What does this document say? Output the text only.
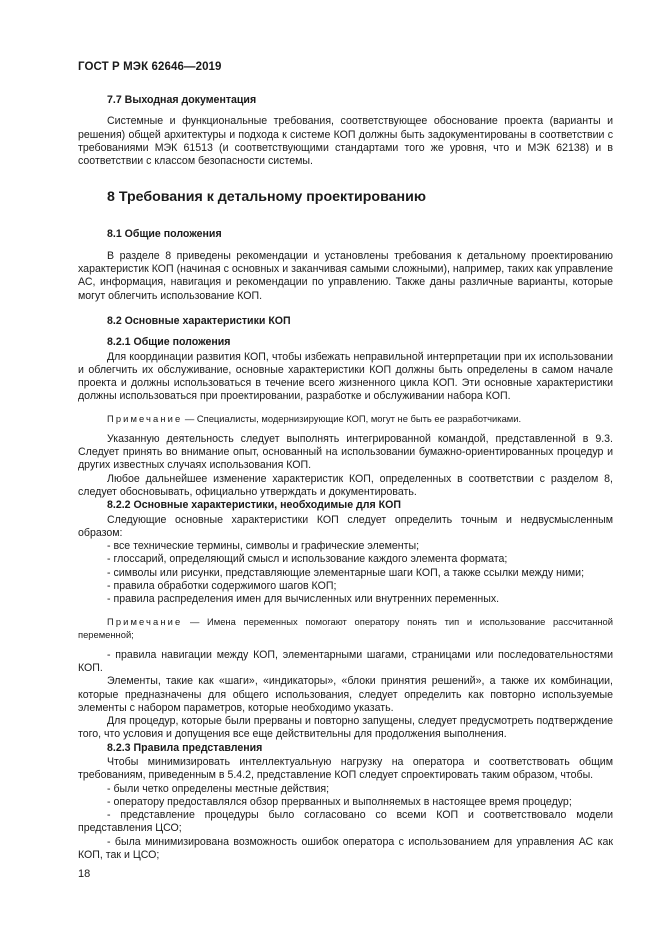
ГОСТ Р МЭК 62646—2019
7.7 Выходная документация

Системные и функциональные требования, соответствующее обоснование проекта (варианты и решения) общей архитектуры и подхода к системе КОП должны быть задокументированы в соответствии с требованиями МЭК 61513 (и соответствующими стандартами того же уровня, что и МЭК 62138) и в соответствии с классом безопасности системы.

8 Требования к детальному проектированию
8.1 Общие положения

В разделе 8 приведены рекомендации и установлены требования к детальному проектированию характеристик КОП (начиная с основных и заканчивая самыми сложными), например, таких как управление АС, информация, навигация и рекомендации по управлению. Также даны различные варианты, которые могут облегчить использование КОП.

8.2 Основные характеристики КОП
8.2.1 Общие положения

Для координации развития КОП, чтобы избежать неправильной интерпретации при их использовании и облегчить их обслуживание, основные характеристики КОП должны быть определены в самом начале проекта и должны использоваться в течение всего жизненного цикла КОП. Эти основные характеристики должны использоваться при проектировании, разработке и обслуживании набора КОП.

Примечание — Специалисты, модернизирующие КОП, могут не быть ее разработчиками.

Указанную деятельность следует выполнять интегрированной командой, представленной в 9.3. Следует принять во внимание опыт, основанный на использовании бумажно-ориентированных процедур и других известных случаях использования КОП.

Любое дальнейшее изменение характеристик КОП, определенных в соответствии с разделом 8, следует обосновывать, официально утверждать и документировать.

8.2.2 Основные характеристики, необходимые для КОП

Следующие основные характеристики КОП следует определить точным и недвусмысленным образом:

- все технические термины, символы и графические элементы;
- глоссарий, определяющий смысл и использование каждого элемента формата;
- символы или рисунки, представляющие элементарные шаги КОП, а также ссылки между ними;
- правила обработки содержимого шагов КОП;
- правила распределения имен для вычисленных или внутренних переменных.
Примечание — Имена переменных помогают оператору понять тип и использование рассчитанной переменной;
- правила навигации между КОП, элементарными шагами, страницами или последовательностями КОП.

Элементы, такие как «шаги», «индикаторы», «блоки принятия решений», а также их комбинации, которые предназначены для общего использования, следует определить как повторно используемые элементы с набором параметров, которые необходимо указать.

Для процедур, которые были прерваны и повторно запущены, следует предусмотреть подтверждение того, что условия и допущения все еще действительны для продолжения выполнения.

8.2.3 Правила представления

Чтобы минимизировать интеллектуальную нагрузку на оператора и соответствовать общим требованиям, приведенным в 5.4.2, представление КОП следует спроектировать таким образом, чтобы.

- были четко определены местные действия;
- оператору предоставлялся обзор прерванных и выполняемых в настоящее время процедур;
- представление процедуры было согласовано со всеми КОП и соответствовало модели представления ЦСО;
- была минимизирована возможность ошибок оператора с использованием для управления АС как КОП, так и ЦСО;
18
